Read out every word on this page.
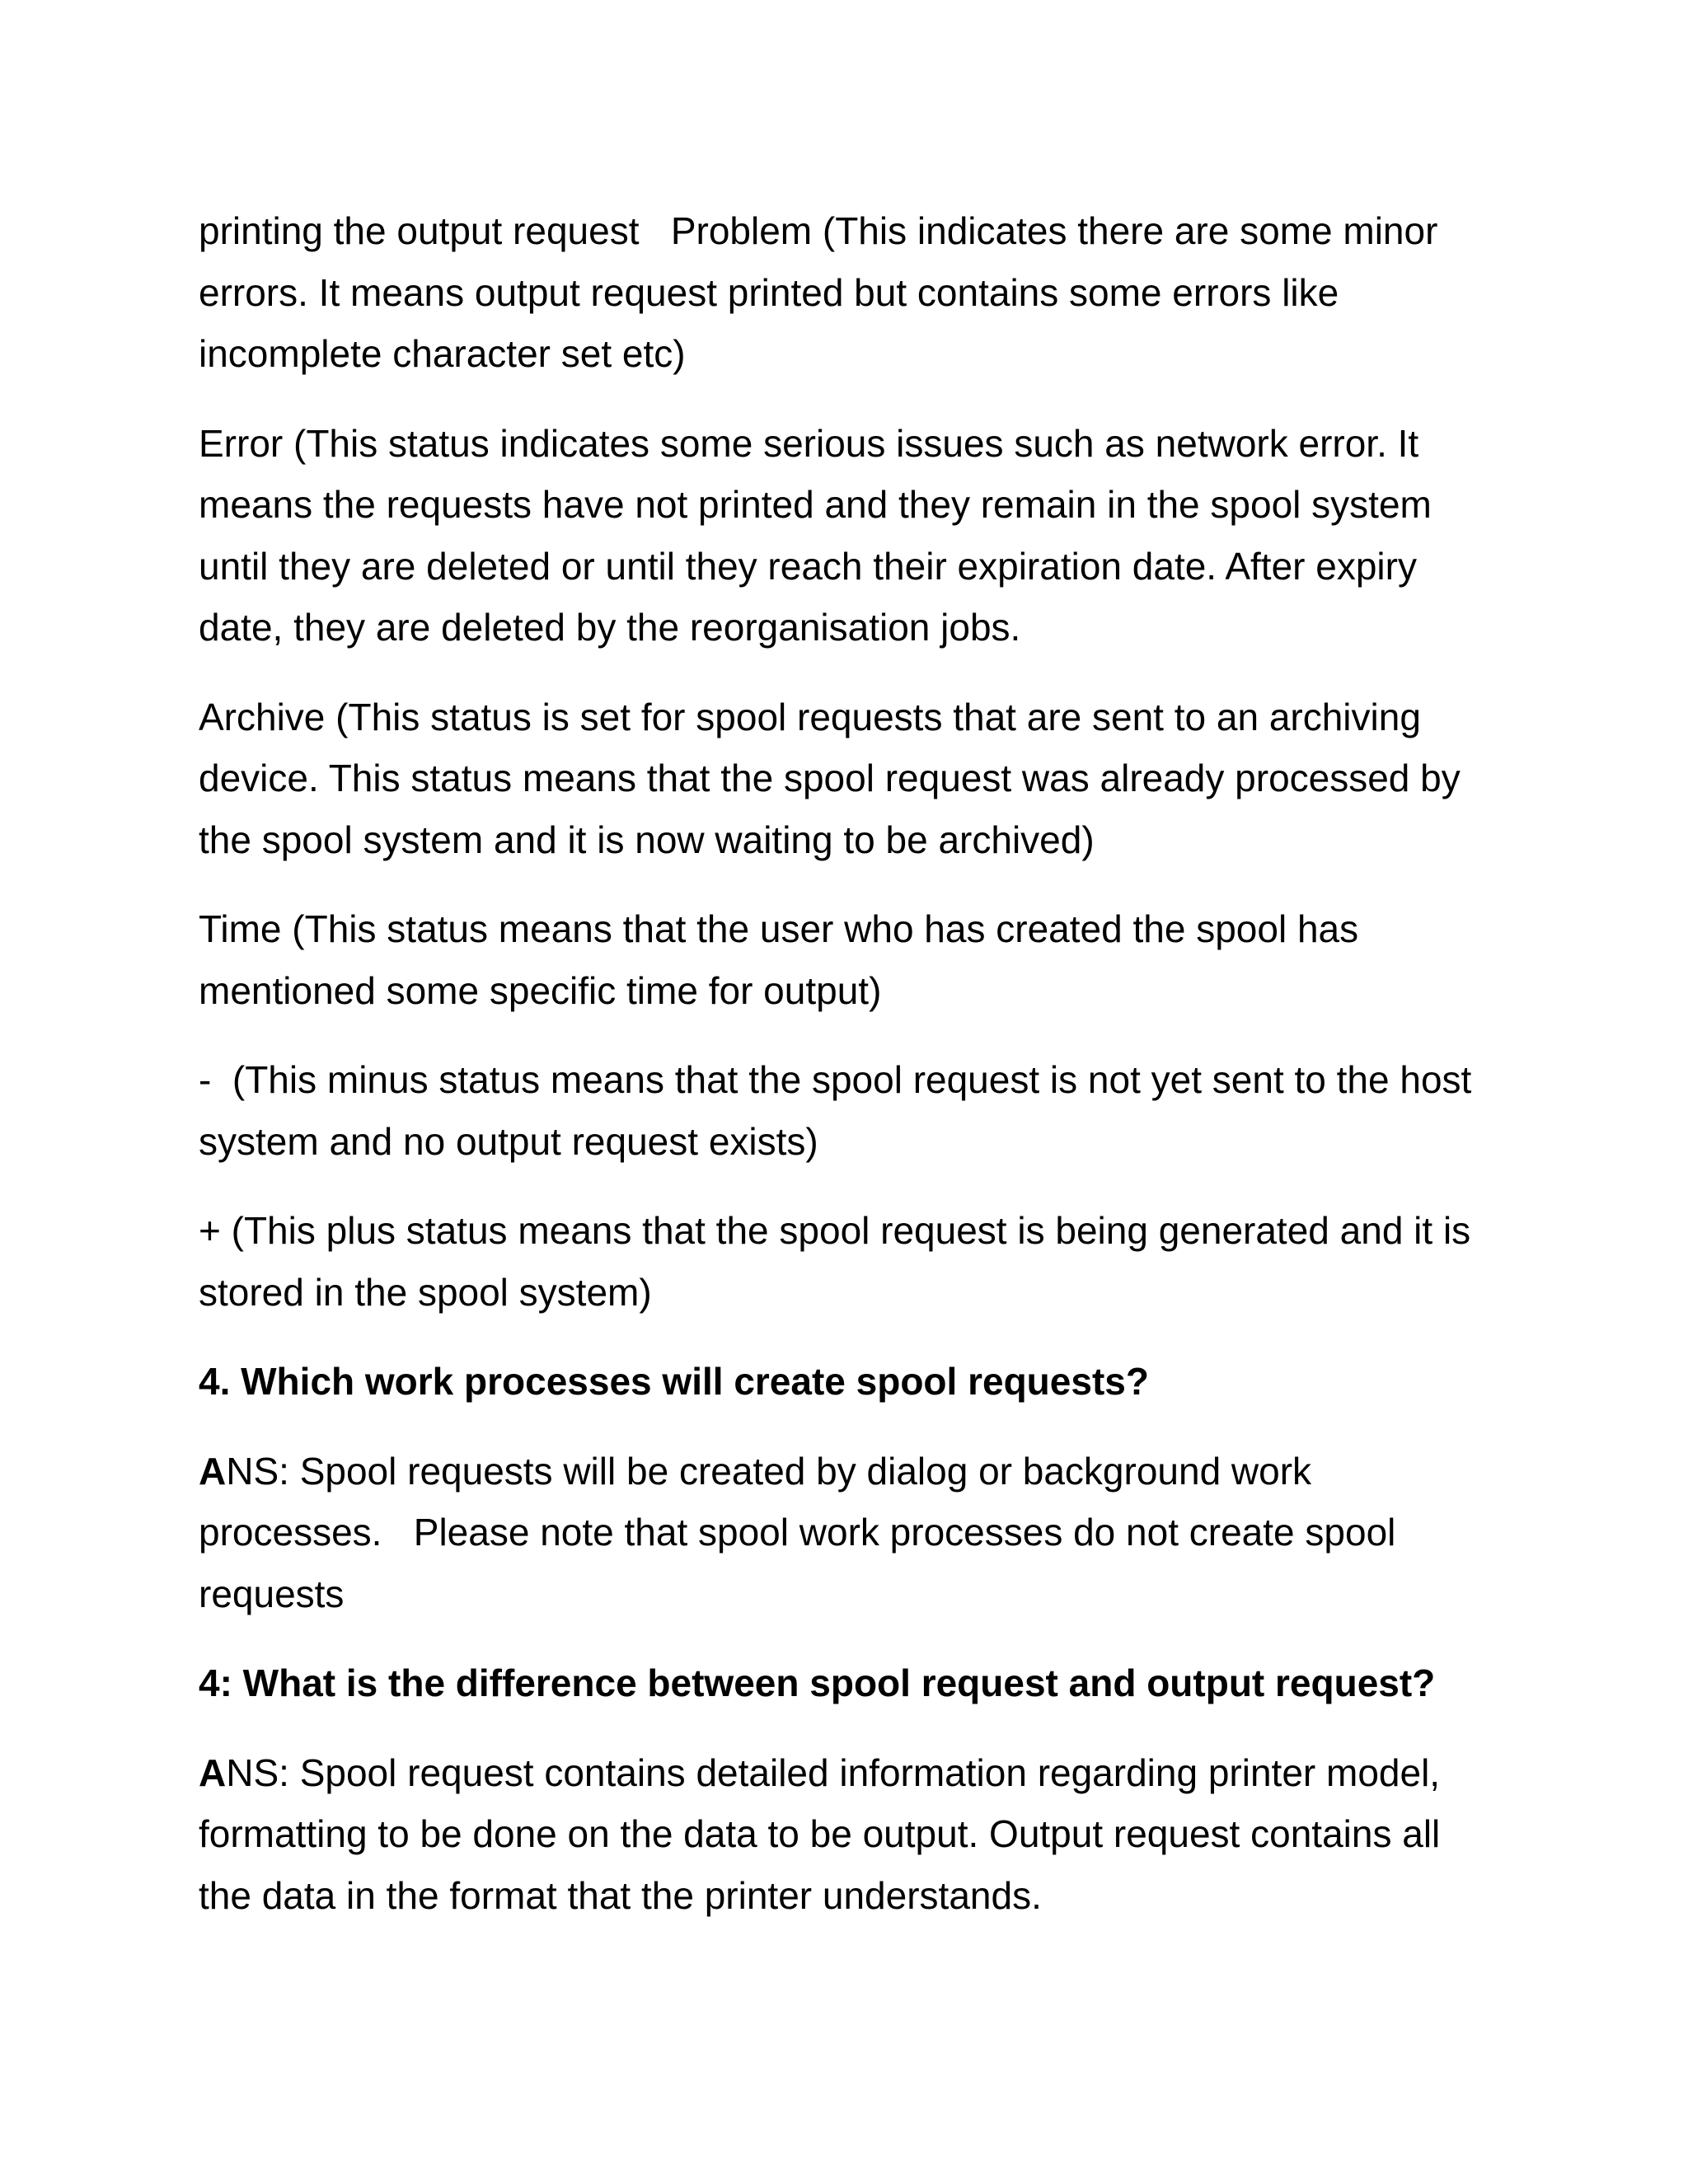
printing the output request   Problem (This indicates there are some minor errors. It means output request printed but contains some errors like incomplete character set etc)

Error (This status indicates some serious issues such as network error. It means the requests have not printed and they remain in the spool system until they are deleted or until they reach their expiration date. After expiry date, they are deleted by the reorganisation jobs.

Archive (This status is set for spool requests that are sent to an archiving device. This status means that the spool request was already processed by the spool system and it is now waiting to be archived)

Time (This status means that the user who has created the spool has mentioned some specific time for output)

-  (This minus status means that the spool request is not yet sent to the host system and no output request exists)

+ (This plus status means that the spool request is being generated and it is stored in the spool system)

4. Which work processes will create spool requests?

ANS: Spool requests will be created by dialog or background work processes.   Please note that spool work processes do not create spool requests

4: What is the difference between spool request and output request?

ANS: Spool request contains detailed information regarding printer model, formatting to be done on the data to be output. Output request contains all the data in the format that the printer understands.
